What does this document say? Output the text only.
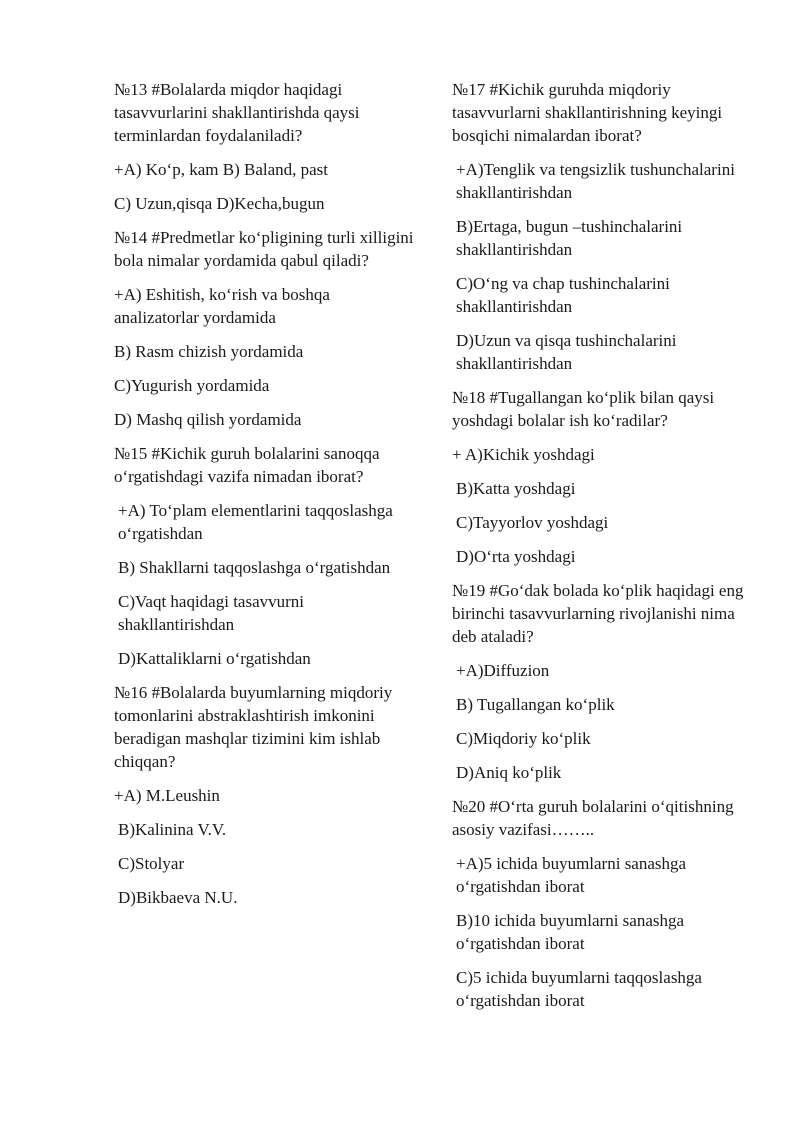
№13 #Bolalarda miqdor haqidagi tasavvurlarini shakllantirishda qaysi terminlardan foydalaniladi?

+A) Ko‘p, kam B) Baland, past

C) Uzun,qisqa D)Kecha,bugun

№14 #Predmetlar ko‘pligining turli xilligini bola nimalar yordamida qabul qiladi?

+A) Eshitish, ko‘rish va boshqa analizatorlar yordamida

B) Rasm chizish yordamida

C)Yugurish yordamida

D) Mashq qilish yordamida

№15 #Kichik guruh bolalarini sanoqqa o‘rgatishdagi vazifa nimadan iborat?

+A) To‘plam elementlarini taqqoslashga o‘rgatishdan

B) Shakllarni taqqoslashga o‘rgatishdan

C)Vaqt haqidagi tasavvurni shakllantirishdan

D)Kattaliklarni o‘rgatishdan

№16 #Bolalarda buyumlarning miqdoriy tomonlarini abstraklashtirish imkonini beradigan mashqlar tizimini kim ishlab chiqqan?

+A) M.Leushin

B)Kalinina V.V.

C)Stolyar

D)Bikbaeva N.U.

№17 #Kichik guruhda miqdoriy tasavvurlarni shakllantirishning keyingi bosqichi nimalardan iborat?

+A)Tenglik va tengsizlik tushunchalarini shakllantirishdan

B)Ertaga, bugun –tushinchalarini shakllantirishdan

C)O‘ng va chap tushinchalarini shakllantirishdan

D)Uzun va qisqa tushinchalarini shakllantirishdan

№18 #Tugallangan ko‘plik bilan qaysi yoshdagi bolalar ish ko‘radilar?

+ A)Kichik yoshdagi

B)Katta yoshdagi

C)Tayyorlov yoshdagi

D)O‘rta yoshdagi

№19 #Go‘dak bolada ko‘plik haqidagi eng birinchi tasavvurlarning rivojlanishi nima deb ataladi?

+A)Diffuzion

B) Tugallangan ko‘plik

C)Miqdoriy ko‘plik

D)Aniq ko‘plik

№20 #O‘rta guruh bolalarini o‘qitishning asosiy vazifasi……..

+A)5 ichida buyumlarni sanashga o‘rgatishdan iborat

B)10 ichida buyumlarni sanashga o‘rgatishdan iborat

C)5 ichida buyumlarni taqqoslashga o‘rgatishdan iborat
